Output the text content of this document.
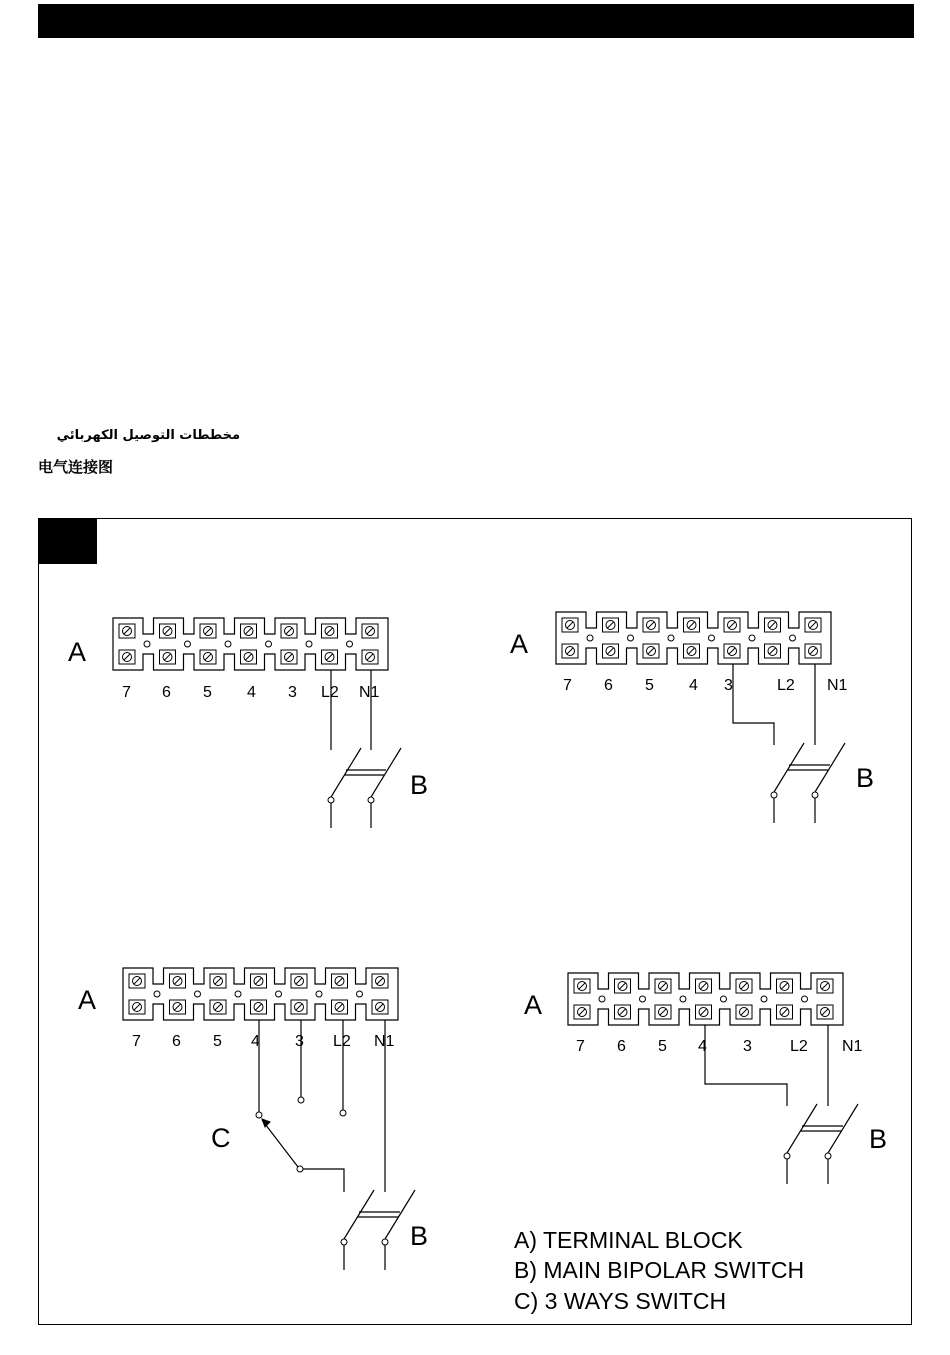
مخططات التوصيل الكهربائي
电气连接图
A
7 6 5 4 3 L2 N1
B
A
7 6 5 4 3	L2 N1
B
A
7 6 5 4 3 L2 N1
C
B
A
7 6 5 4 3 L2 N1
B
A) TERMINAL BLOCK
B) MAIN BIPOLAR SWITCH
C) 3 WAYS SWITCH
